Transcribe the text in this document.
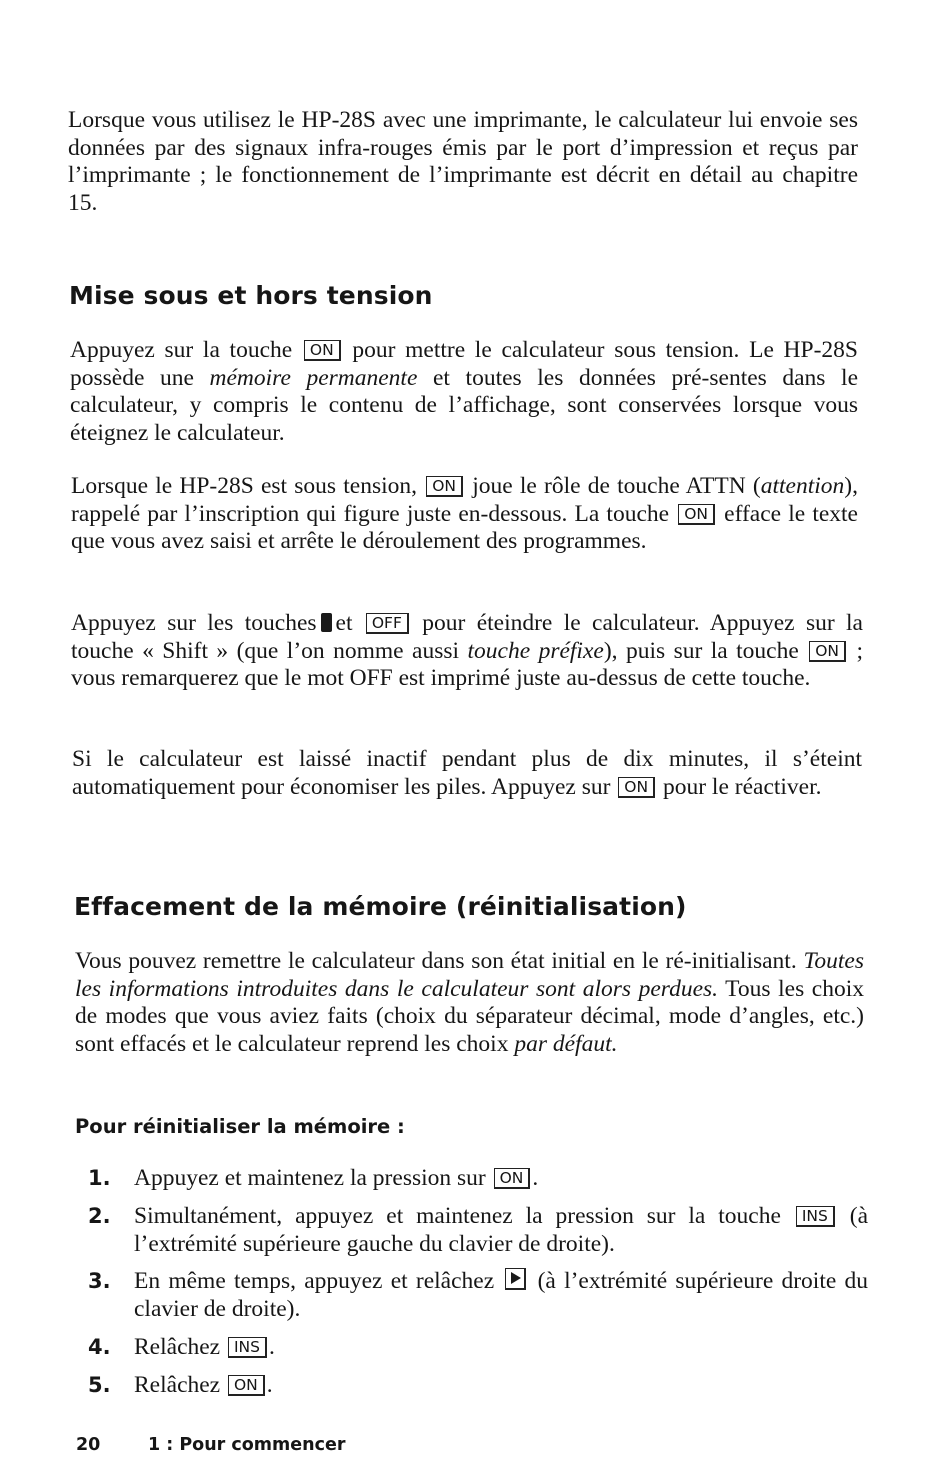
Lorsque vous utilisez le HP-28S avec une imprimante, le calculateur lui envoie ses données par des signaux infra-rouges émis par le port d’impression et reçus par l’imprimante ; le fonctionnement de l’imprimante est décrit en détail au chapitre 15.

Mise sous et hors tension

Appuyez sur la touche ON pour mettre le calculateur sous tension. Le HP-28S possède une mémoire permanente et toutes les données pré-sentes dans le calculateur, y compris le contenu de l’affichage, sont conservées lorsque vous éteignez le calculateur.

Lorsque le HP-28S est sous tension, ON joue le rôle de touche ATTN (attention), rappelé par l’inscription qui figure juste en-dessous. La touche ON efface le texte que vous avez saisi et arrête le déroulement des programmes.

Appuyez sur les touches et OFF pour éteindre le calculateur. Appuyez sur la touche « Shift » (que l’on nomme aussi touche préfixe), puis sur la touche ON ; vous remarquerez que le mot OFF est imprimé juste au-dessus de cette touche.

Si le calculateur est laissé inactif pendant plus de dix minutes, il s’éteint automatiquement pour économiser les piles. Appuyez sur ON pour le réactiver.

Effacement de la mémoire (réinitialisation)

Vous pouvez remettre le calculateur dans son état initial en le ré-initialisant. Toutes les informations introduites dans le calculateur sont alors perdues. Tous les choix de modes que vous aviez faits (choix du séparateur décimal, mode d’angles, etc.) sont effacés et le calculateur reprend les choix par défaut.

Pour réinitialiser la mémoire :
1. Appuyez et maintenez la pression sur ON .

2. Simultanément, appuyez et maintenez la pression sur la touche INS (à l’extrémité supérieure gauche du clavier de droite).

3. En même temps, appuyez et relâchez  (à l’extrémité supérieure droite du clavier de droite).

4. Relâchez INS .

5. Relâchez ON .

20	1 : Pour commencer
